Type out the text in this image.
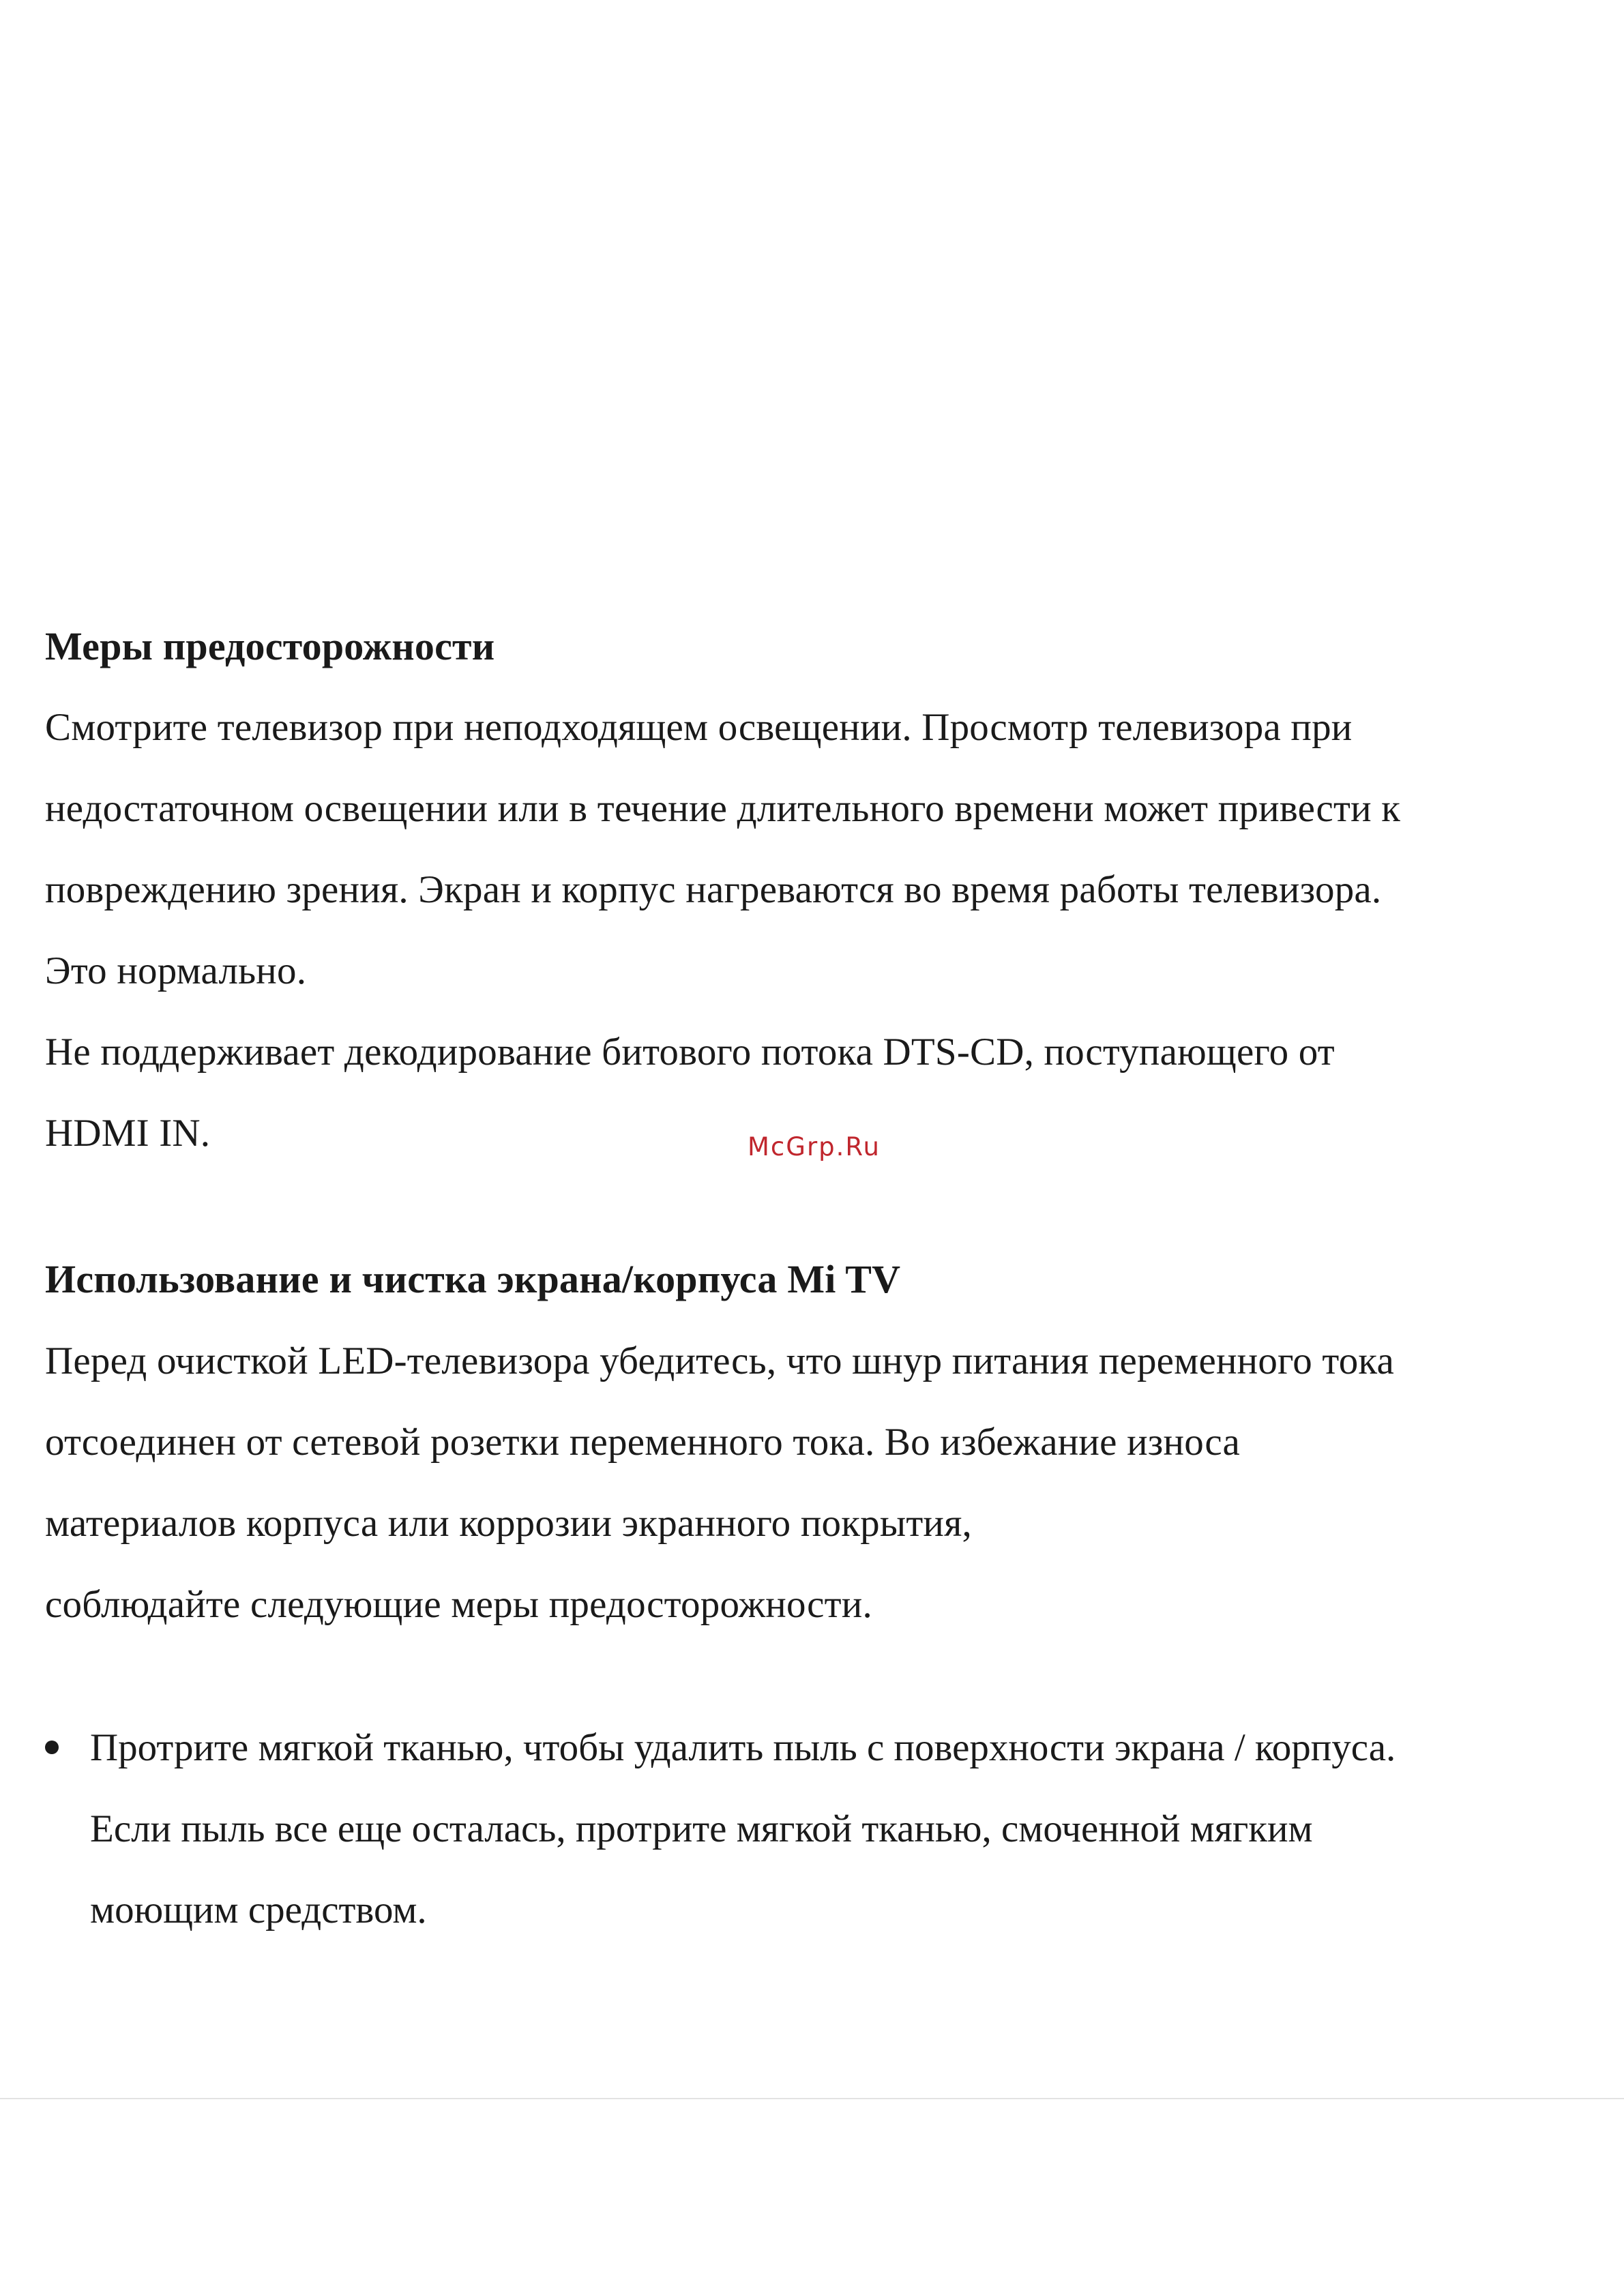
Меры предосторожности
Смотрите телевизор при неподходящем освещении. Просмотр телевизора при
недостаточном освещении или в течение длительного времени может привести к
повреждению зрения. Экран и корпус нагреваются во время работы телевизора.
Это нормально.
Не поддерживает декодирование битового потока DTS-CD, поступающего от
HDMI IN.	McGrp.Ru
Использование и чистка экрана/корпуса Mi TV
Перед очисткой LED-телевизора убедитесь, что шнур питания переменного тока
отсоединен от сетевой розетки переменного тока. Во избежание износа
материалов корпуса или коррозии экранного покрытия,
соблюдайте следующие меры предосторожности.
Протрите мягкой тканью, чтобы удалить пыль с поверхности экрана / корпуса.
Если пыль все еще осталась, протрите мягкой тканью, смоченной мягким
моющим средством.
